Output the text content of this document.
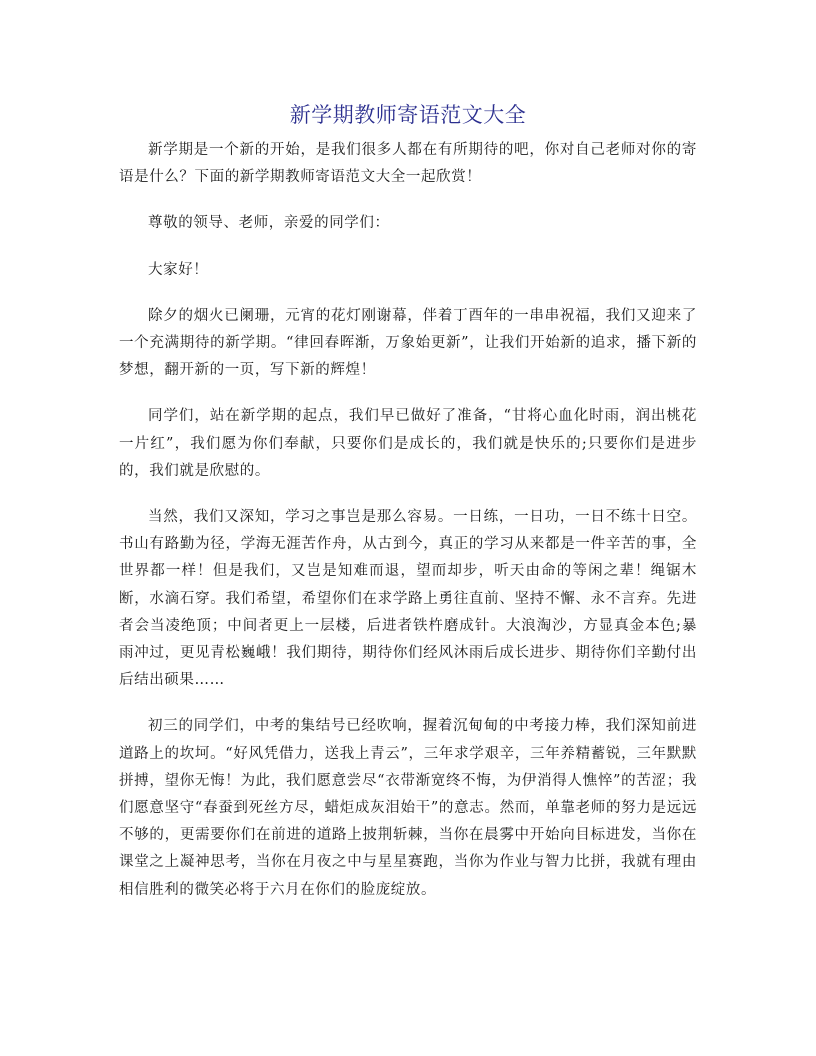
新学期教师寄语范文大全

新学期是一个新的开始，是我们很多人都在有所期待的吧，你对自己老师对你的寄语是什么？下面的新学期教师寄语范文大全一起欣赏！

尊敬的领导、老师，亲爱的同学们：

大家好！

除夕的烟火已阑珊，元宵的花灯刚谢幕，伴着丁酉年的一串串祝福，我们又迎来了一个充满期待的新学期。“律回春晖渐，万象始更新”，让我们开始新的追求，播下新的梦想，翻开新的一页，写下新的辉煌！

同学们，站在新学期的起点，我们早已做好了准备，“甘将心血化时雨，润出桃花一片红”，我们愿为你们奉献，只要你们是成长的，我们就是快乐的;只要你们是进步的，我们就是欣慰的。

当然，我们又深知，学习之事岂是那么容易。一日练，一日功，一日不练十日空。书山有路勤为径，学海无涯苦作舟，从古到今，真正的学习从来都是一件辛苦的事，全世界都一样！但是我们，又岂是知难而退，望而却步，听天由命的等闲之辈！绳锯木断，水滴石穿。我们希望，希望你们在求学路上勇往直前、坚持不懈、永不言弃。先进者会当凌绝顶；中间者更上一层楼，后进者铁杵磨成针。大浪淘沙，方显真金本色;暴雨冲过，更见青松巍峨！我们期待，期待你们经风沐雨后成长进步、期待你们辛勤付出后结出硕果……

初三的同学们，中考的集结号已经吹响，握着沉甸甸的中考接力棒，我们深知前进道路上的坎坷。“好风凭借力，送我上青云”，三年求学艰辛，三年养精蓄锐，三年默默拼搏，望你无悔！为此，我们愿意尝尽“衣带渐宽终不悔，为伊消得人憔悴”的苦涩；我们愿意坚守“春蚕到死丝方尽，蜡炬成灰泪始干”的意志。然而，单靠老师的努力是远远不够的，更需要你们在前进的道路上披荆斩棘，当你在晨雾中开始向目标进发，当你在课堂之上凝神思考，当你在月夜之中与星星赛跑，当你为作业与智力比拼，我就有理由相信胜利的微笑必将于六月在你们的脸庞绽放。
